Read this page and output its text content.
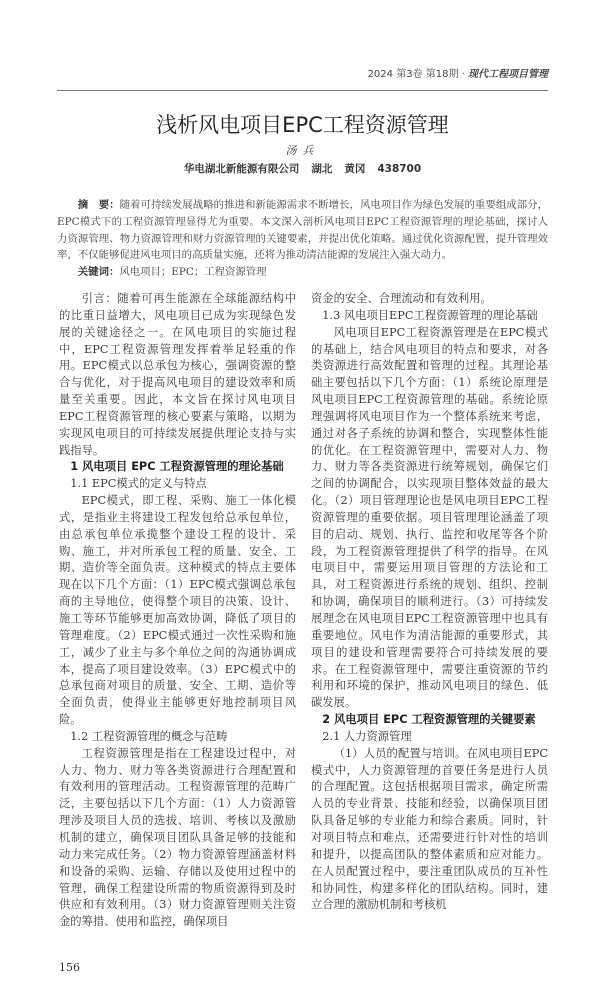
2024 第3卷 第18期 · 现代工程项目管理
浅析风电项目EPC工程资源管理
汤兵
华电湖北新能源有限公司 湖北 黄冈 438700
摘　要：随着可持续发展战略的推进和新能源需求不断增长，风电项目作为绿色发展的重要组成部分，EPC模式下的工程资源管理显得尤为重要。本文深入剖析风电项目EPC工程资源管理的理论基础，探讨人力资源管理、物力资源管理和财力资源管理的关键要素，并提出优化策略。通过优化资源配置，提升管理效率，不仅能够促进风电项目的高质量实施，还将为推动清洁能源的发展注入强大动力。
关键词：风电项目；EPC；工程资源管理

引言：随着可再生能源在全球能源结构中的比重日益增大，风电项目已成为实现绿色发展的关键途径之一。在风电项目的实施过程中，EPC工程资源管理发挥着举足轻重的作用。EPC模式以总承包为核心，强调资源的整合与优化，对于提高风电项目的建设效率和质量至关重要。因此，本文旨在探讨风电项目EPC工程资源管理的核心要素与策略，以期为实现风电项目的可持续发展提供理论支持与实践指导。

1 风电项目 EPC 工程资源管理的理论基础
1.1 EPC模式的定义与特点

EPC模式，即工程、采购、施工一体化模式，是指业主将建设工程发包给总承包单位，由总承包单位承揽整个建设工程的设计、采购、施工，并对所承包工程的质量、安全、工期、造价等全面负责。这种模式的特点主要体现在以下几个方面：（1）EPC模式强调总承包商的主导地位，使得整个项目的决策、设计、施工等环节能够更加高效协调，降低了项目的管理难度。（2）EPC模式通过一次性采购和施工，减少了业主与多个单位之间的沟通协调成本，提高了项目建设效率。（3）EPC模式中的总承包商对项目的质量、安全、工期、造价等全面负责，使得业主能够更好地控制项目风险。

1.2 工程资源管理的概念与范畴

工程资源管理是指在工程建设过程中，对人力、物力、财力等各类资源进行合理配置和有效利用的管理活动。工程资源管理的范畴广泛，主要包括以下几个方面：（1）人力资源管理涉及项目人员的选拔、培训、考核以及激励机制的建立，确保项目团队具备足够的技能和动力来完成任务。（2）物力资源管理涵盖材料和设备的采购、运输、存储以及使用过程中的管理，确保工程建设所需的物质资源得到及时供应和有效利用。（3）财力资源管理则关注资金的筹措、使用和监控，确保项目

资金的安全、合理流动和有效利用。

1.3 风电项目EPC工程资源管理的理论基础

风电项目EPC工程资源管理是在EPC模式的基础上，结合风电项目的特点和要求，对各类资源进行高效配置和管理的过程。其理论基础主要包括以下几个方面：（1）系统论原理是风电项目EPC工程资源管理的基础。系统论原理强调将风电项目作为一个整体系统来考虑，通过对各子系统的协调和整合，实现整体性能的优化。在工程资源管理中，需要对人力、物力、财力等各类资源进行统筹规划，确保它们之间的协调配合，以实现项目整体效益的最大化。（2）项目管理理论也是风电项目EPC工程资源管理的重要依据。项目管理理论涵盖了项目的启动、规划、执行、监控和收尾等各个阶段，为工程资源管理提供了科学的指导。在风电项目中，需要运用项目管理的方法论和工具，对工程资源进行系统的规划、组织、控制和协调，确保项目的顺利进行。（3）可持续发展理念在风电项目EPC工程资源管理中也具有重要地位。风电作为清洁能源的重要形式，其项目的建设和管理需要符合可持续发展的要求。在工程资源管理中，需要注重资源的节约利用和环境的保护，推动风电项目的绿色、低碳发展。

2 风电项目 EPC 工程资源管理的关键要素
2.1 人力资源管理

（1）人员的配置与培训。在风电项目EPC模式中，人力资源管理的首要任务是进行人员的合理配置。这包括根据项目需求，确定所需人员的专业背景、技能和经验，以确保项目团队具备足够的专业能力和综合素质。同时，针对项目特点和难点，还需要进行针对性的培训和提升，以提高团队的整体素质和应对能力。在人员配置过程中，要注重团队成员的互补性和协同性，构建多样化的团队结构。同时，建立合理的激励机制和考核机

156
